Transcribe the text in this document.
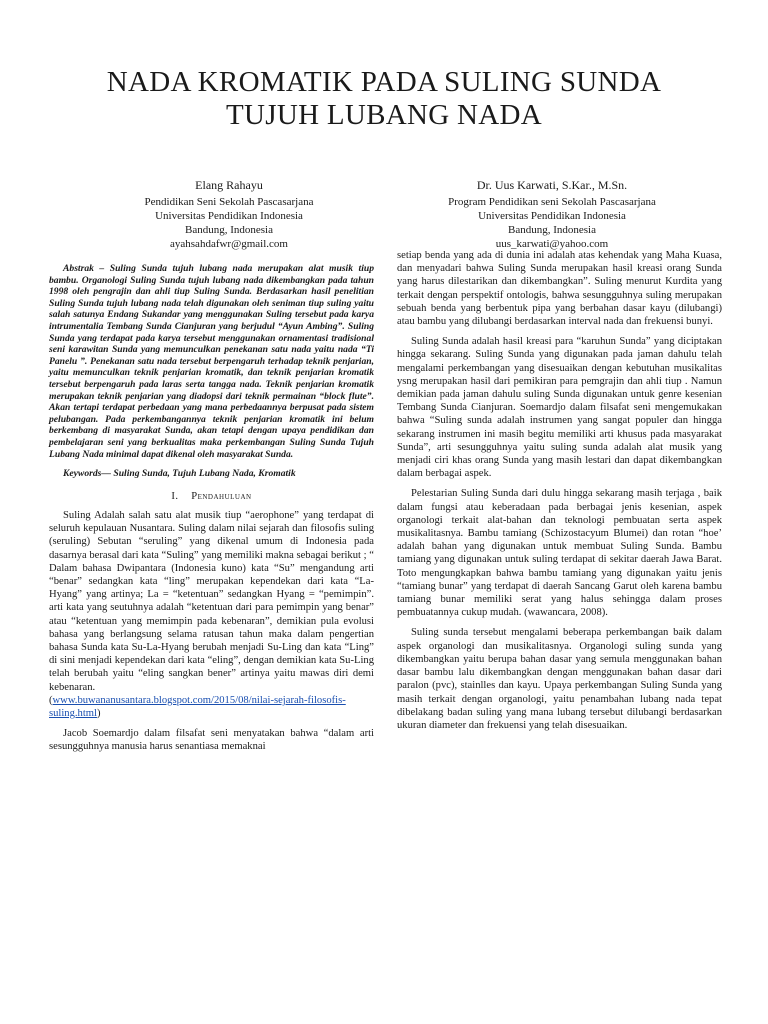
NADA KROMATIK PADA SULING SUNDA
TUJUH LUBANG NADA
Elang Rahayu
Pendidikan Seni Sekolah Pascasarjana
Universitas Pendidikan Indonesia
Bandung, Indonesia
ayahsahdafwr@gmail.com
Dr. Uus Karwati, S.Kar., M.Sn.
Program Pendidikan seni Sekolah Pascasarjana
Universitas Pendidikan Indonesia
Bandung, Indonesia
uus_karwati@yahoo.com

Abstrak – Suling Sunda tujuh lubang nada merupakan alat musik tiup bambu. Organologi Suling Sunda tujuh lubang nada dikembangkan pada tahun 1998 oleh pengrajin dan ahli tiup Suling Sunda. Berdasarkan hasil penelitian Suling Sunda tujuh lubang nada telah digunakan oleh seniman tiup suling yaitu salah satunya Endang Sukandar yang menggunakan Suling tersebut pada karya intrumentalia Tembang Sunda Cianjuran yang berjudul “Ayun Ambing”. Suling Sunda yang terdapat pada karya tersebut menggunakan ornamentasi tradisional seni karawitan Sunda yang memunculkan penekanan satu nada yaitu nada “Ti Panelu ”. Penekanan satu nada tersebut berpengaruh terhadap teknik penjarian, yaitu memunculkan teknik penjarian kromatik, dan teknik penjarian kromatik tersebut berpengaruh pada laras serta tangga nada. Teknik penjarian kromatik merupakan teknik penjarian yang diadopsi dari teknik permainan “block flute”. Akan tertapi terdapat perbedaan yang mana perbedaannya berpusat pada sistem pelubangan. Pada perkembangannya teknik penjarian kromatik ini belum berkembang di masyarakat Sunda, akan tetapi dengan upaya pendidikan dan pembelajaran seni yang berkualitas maka perkembangan Suling Sunda Tujuh Lubang Nada minimal dapat dikenal oleh masyarakat Sunda.

Keywords— Suling Sunda, Tujuh Lubang Nada, Kromatik

I. Pendahuluan

Suling Adalah salah satu alat musik tiup “aerophone” yang terdapat di seluruh kepulauan Nusantara. Suling dalam nilai sejarah dan filosofis suling (seruling) Sebutan “seruling” yang dikenal umum di Indonesia pada dasarnya berasal dari kata “Suling” yang memiliki makna sebagai berikut ; “ Dalam bahasa Dwipantara (Indonesia kuno) kata “Su” mengandung arti “benar” sedangkan kata “ling” merupakan kependekan dari kata “La-Hyang” yang artinya; La = “ketentuan” sedangkan Hyang = “pemimpin”. arti kata yang seutuhnya adalah “ketentuan dari para pemimpin yang benar” atau “ketentuan yang memimpin pada kebenaran”, demikian pula evolusi bahasa yang berlangsung selama ratusan tahun maka dalam pengertian bahasa Sunda kata Su-La-Hyang berubah menjadi Su-Ling dan kata “Ling” di sini menjadi kependekan dari kata “eling”, dengan demikian kata Su-Ling telah berubah yaitu “eling sangkan bener” artinya yaitu mawas diri demi kebenaran.

(www.buwananusantara.blogspot.com/2015/08/nilai-sejarah-filosofis-suling.html)

Jacob Soemardjo dalam filsafat seni menyatakan bahwa “dalam arti sesungguhnya manusia harus senantiasa memaknai

setiap benda yang ada di dunia ini adalah atas kehendak yang Maha Kuasa, dan menyadari bahwa Suling Sunda merupakan hasil kreasi orang Sunda yang harus dilestarikan dan dikembangkan”. Suling menurut Kurdita yang terkait dengan perspektif ontologis, bahwa sesungguhnya suling merupakan sebuah benda yang berbentuk pipa yang berbahan dasar kayu (dilubangi) atau bambu yang dilubangi berdasarkan interval nada dan frekuensi bunyi.

Suling Sunda adalah hasil kreasi para “karuhun Sunda” yang diciptakan hingga sekarang. Suling Sunda yang digunakan pada jaman dahulu telah mengalami perkembangan yang disesuaikan dengan kebutuhan musikalitas ysng merupakan hasil dari pemikiran para pemgrajin dan ahli tiup . Namun demikian pada jaman dahulu suling Sunda digunakan untuk genre kesenian Tembang Sunda Cianjuran. Soemardjo dalam filsafat seni mengemukakan bahwa “Suling sunda adalah instrumen yang sangat populer dan hingga sekarang instrumen ini masih begitu memiliki arti khusus pada masyarakat Sunda”, arti sesungguhnya yaitu suling sunda adalah alat musik yang menjadi ciri khas orang Sunda yang masih lestari dan dapat dikembangkan dalam berbagai aspek.

Pelestarian Suling Sunda dari dulu hingga sekarang masih terjaga , baik dalam fungsi atau keberadaan pada berbagai jenis kesenian, aspek organologi terkait alat-bahan dan teknologi pembuatan serta aspek musikalitasnya. Bambu tamiang (Schizostacyum Blumei) dan rotan “hoe’ adalah bahan yang digunakan untuk membuat Suling Sunda. Bambu tamiang yang digunakan untuk suling terdapat di sekitar daerah Jawa Barat. Toto mengungkapkan bahwa bambu tamiang yang digunakan yaitu jenis “tamiang bunar” yang terdapat di daerah Sancang Garut oleh karena bambu tamiang bunar memiliki serat yang halus sehingga dalam proses pembuatannya cukup mudah. (wawancara, 2008).

Suling sunda tersebut mengalami beberapa perkembangan baik dalam aspek organologi dan musikalitasnya. Organologi suling sunda yang dikembangkan yaitu berupa bahan dasar yang semula menggunakan bahan dasar bambu lalu dikembangkan dengan menggunakan bahan dasar dari paralon (pvc), stainlles dan kayu. Upaya perkembangan Suling Sunda yang masih terkait dengan organologi, yaitu penambahan lubang nada tepat dibelakang badan suling yang mana lubang tersebut dilubangi berdasarkan ukuran diameter dan frekuensi yang telah disesuaikan.
